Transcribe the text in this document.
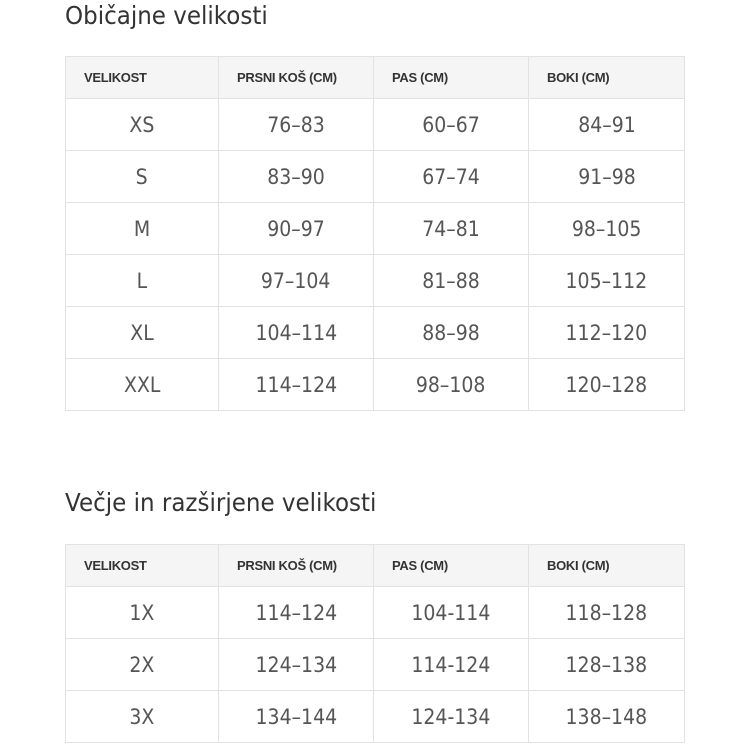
Običajne velikosti
VELIKOST	PRSNI KOŠ (CM)	PAS (CM)	BOKI (CM)
XS	76–83	60–67	84–91
S	83–90	67–74	91–98
M	90–97	74–81	98–105
L	97–104	81–88	105–112
XL	104–114	88–98	112–120
XXL	114–124	98–108	120–128
Večje in razširjene velikosti
VELIKOST	PRSNI KOŠ (CM)	PAS (CM)	BOKI (CM)
1X	114–124	104-114	118–128
2X	124–134	114-124	128–138
3X	134–144	124-134	138–148
